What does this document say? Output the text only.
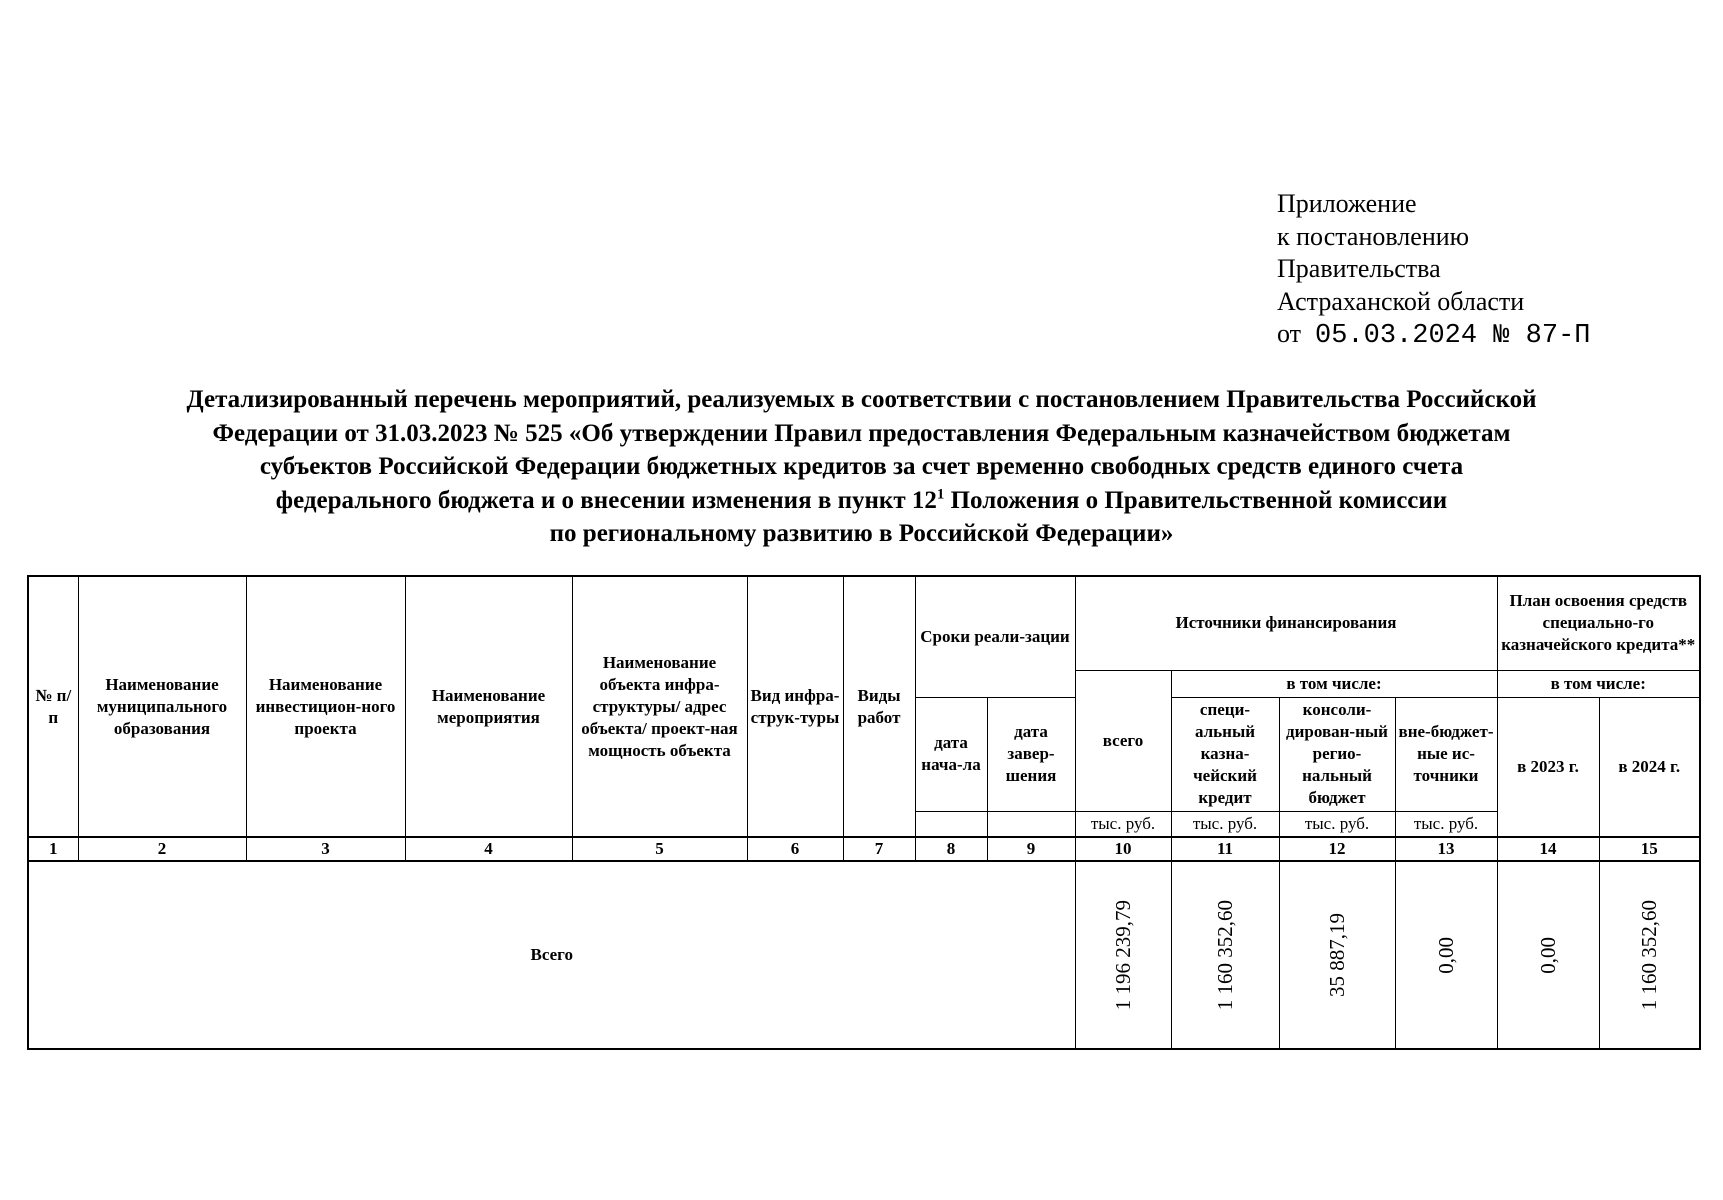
Приложение
к постановлению
Правительства
Астраханской области
от 05.03.2024 № 87-П
Детализированный перечень мероприятий, реализуемых в соответствии с постановлением Правительства Российской
Федерации от 31.03.2023 № 525 «Об утверждении Правил предоставления Федеральным казначейством бюджетам
субъектов Российской Федерации бюджетных кредитов за счет временно свободных средств единого счета
федерального бюджета и о внесении изменения в пункт $12^1$ Положения о Правительственной комиссии
по региональному развитию в Российской Федерации»
№ п/п	Наименование муниципального образования	Наименование инвестицион-ного проекта	Наименование мероприятия	Наименование объекта инфра-структуры/ адрес объекта/ проект-ная мощность объекта	Вид инфра-струк-туры	Виды работ	Сроки реали-зации		Источники финансирования				План освоения средств специально-го казначейского кредита**	
									всего	в том числе:			в том числе:	
							дата нача-ла	дата завер-шения		специ-альный казна-чейский кредит	консоли-дирован-ный регио-нальный бюджет	вне-бюджет-ные ис-точники	в 2023 г.	в 2024 г.
									тыс. руб.	тыс. руб.	тыс. руб.	тыс. руб.		
1	2	3	4	5	6	7	8	9	10	11	12	13	14	15
Всего									1 196 239,79	1 160 352,60	35 887,19	0,00	0,00	1 160 352,60
